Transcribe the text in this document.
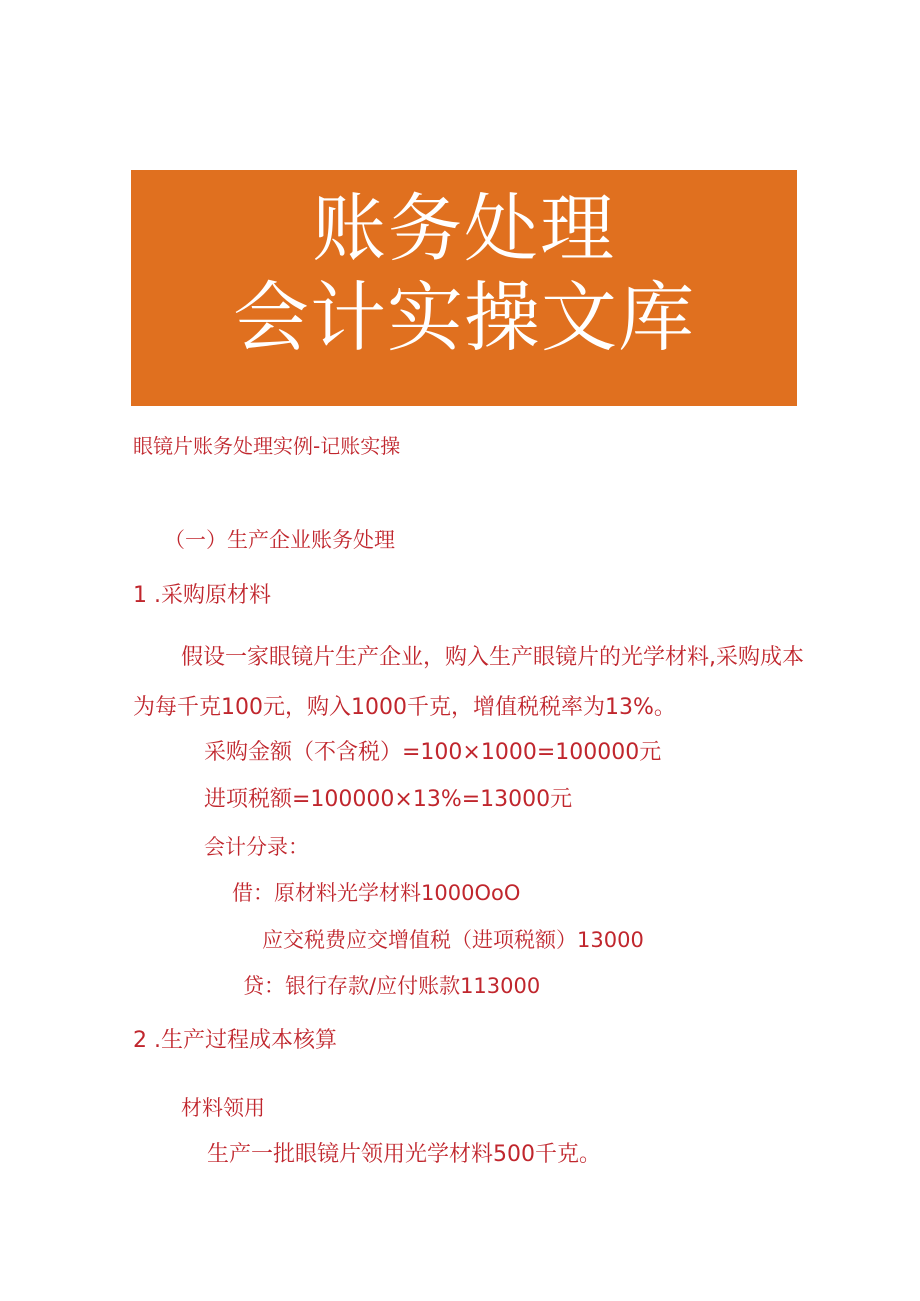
账务处理
会计实操文库
眼镜片账务处理实例-记账实操
（一）生产企业账务处理
1 .采购原材料
假设一家眼镜片生产企业，购入生产眼镜片的光学材料,采购成本
为每千克100元，购入1000千克，增值税税率为13%。
采购金额（不含税）=100×1000=100000元
进项税额=100000×13%=13000元
会计分录：
借：原材料光学材料1000OoO
应交税费应交增值税（进项税额）13000
贷：银行存款/应付账款113000
2 .生产过程成本核算
材料领用
生产一批眼镜片领用光学材料500千克。
